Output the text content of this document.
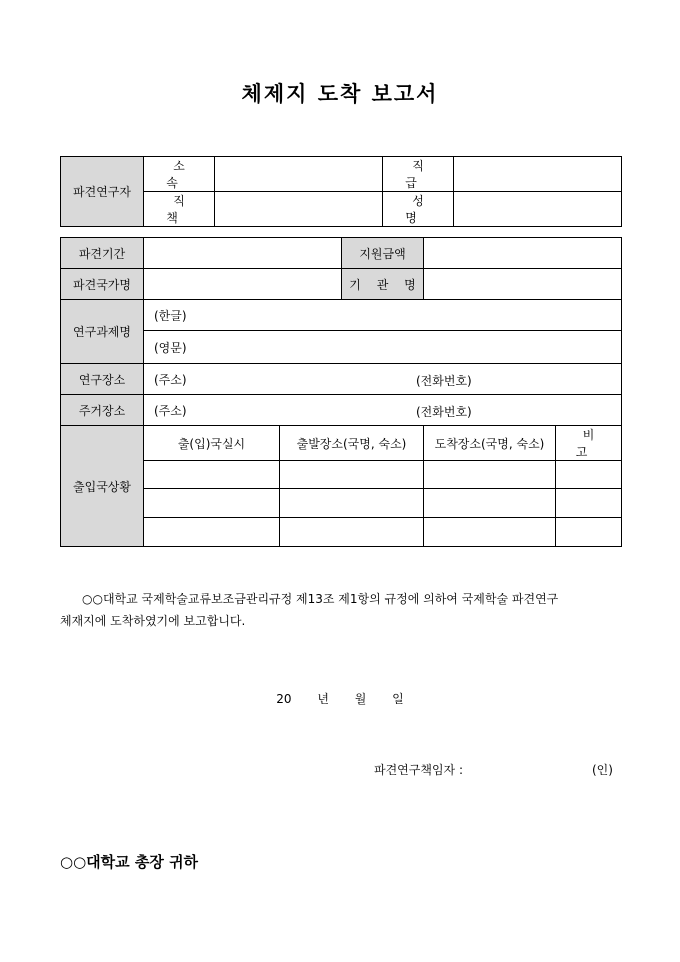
체제지 도착 보고서
파견연구자	소 속		직 급	
	직 책		성 명	
파견기간			지원금액		
파견국가명			기 관 명		
연구과제명	(한글)				
	(영문)				
연구장소	(주소) (전화번호)				

주거장소	(주소) (전화번호)				

출입국상황	출(입)국실시	출발장소(국명, 숙소)		도착장소(국명, 숙소)	비 고

○○대학교 국제학술교류보조금관리규정 제13조 제1항의 규정에 의하여 국제학술 파견연구
체재지에 도착하였기에 보고합니다.
20 년 월 일
파견연구책임자 :	(인)
○○대학교 총장 귀하
